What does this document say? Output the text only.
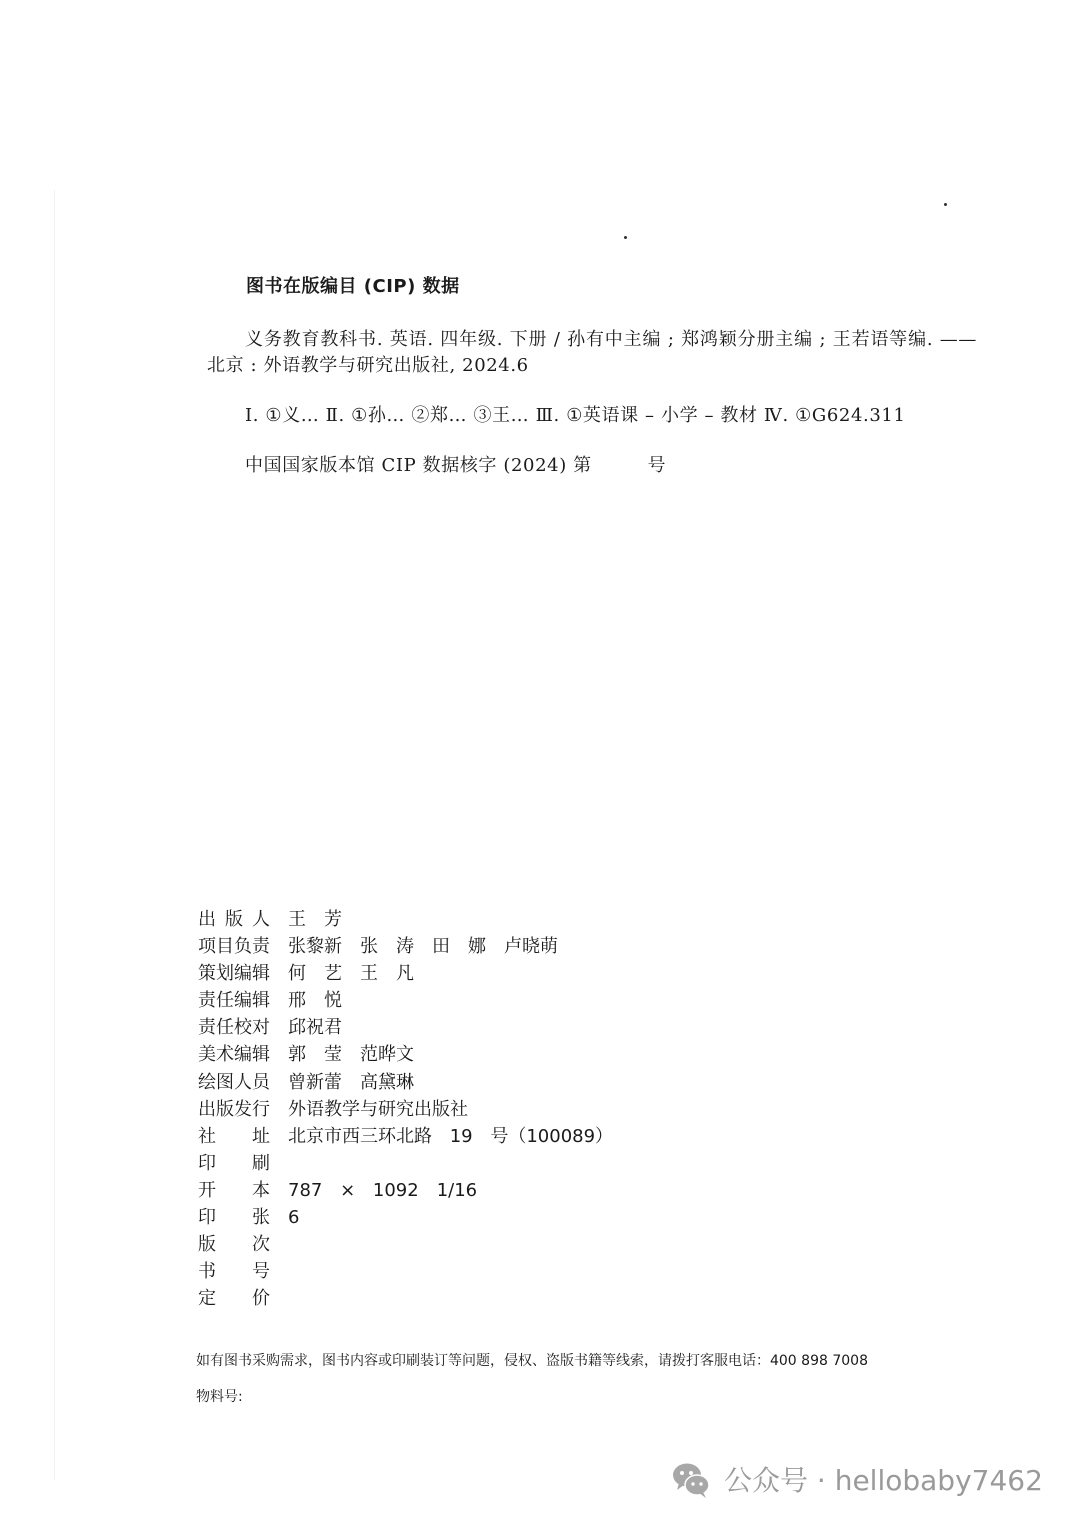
图书在版编目 (CIP) 数据
义务教育教科书. 英语. 四年级. 下册 / 孙有中主编 ; 郑鸿颖分册主编 ; 王若语等编. —— 北京 : 外语教学与研究出版社, 2024.6
Ⅰ. ①义… Ⅱ. ①孙… ②郑… ③王… Ⅲ. ①英语课 – 小学 – 教材 Ⅳ. ①G624.311
中国国家版本馆 CIP 数据核字 (2024) 第　　　号
出 版 人 王　芳
项 目 负 责 张黎新　张　涛　田　娜　卢晓萌
策 划 编 辑 何　艺　王　凡
责 任 编 辑 邢　悦
责 任 校 对 邱祝君
美 术 编 辑 郭　莹　范晔文
绘 图 人 员 曾新蕾　高黛琳
出 版 发 行 外语教学与研究出版社
社 址 北京市西三环北路 19 号（100089）
印 刷
开 本 787 × 1092　1/16
印 张 6
版 次
书 号
定 价
如有图书采购需求，图书内容或印刷装订等问题，侵权、盗版书籍等线索，请拨打客服电话：400 898 7008
物料号:
公众号 · hellobaby7462
